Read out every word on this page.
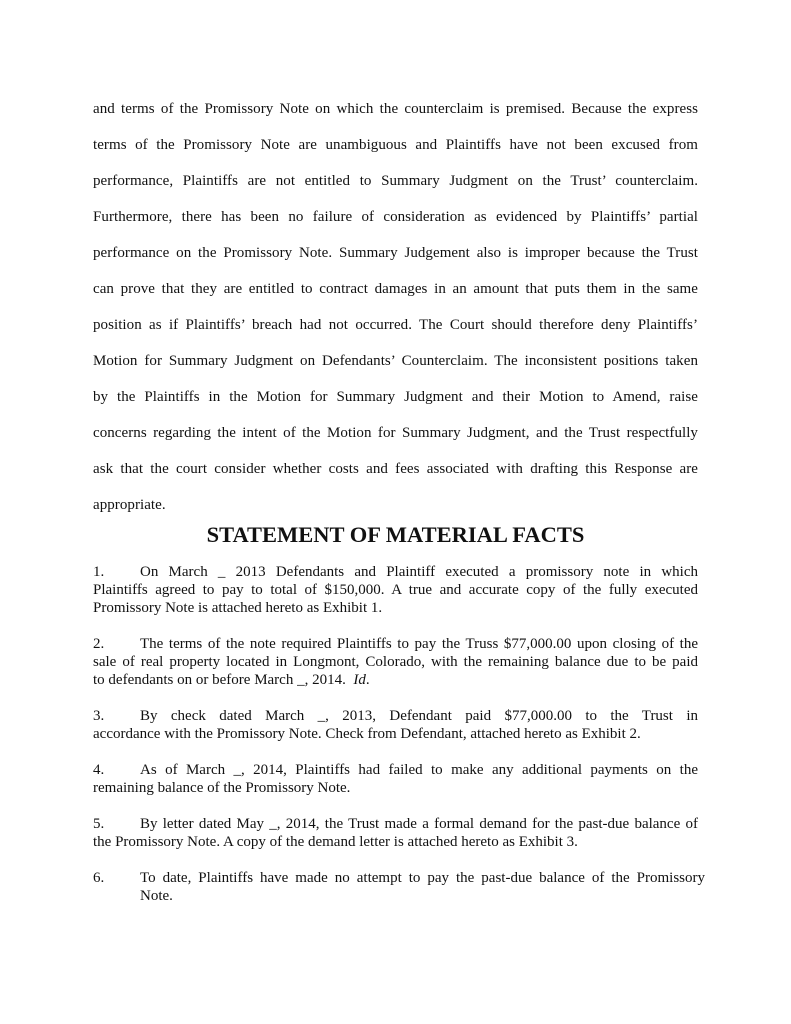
and terms of the Promissory Note on which the counterclaim is premised. Because the express
terms of the Promissory Note are unambiguous and Plaintiffs have not been excused from
performance, Plaintiffs are not entitled to Summary Judgment on the Trust’ counterclaim.
Furthermore, there has been no failure of consideration as evidenced by Plaintiffs’ partial
performance on the Promissory Note. Summary Judgement also is improper because the Trust
can prove that they are entitled to contract damages in an amount that puts them in the same
position as if Plaintiffs’ breach had not occurred. The Court should therefore deny Plaintiffs’
Motion for Summary Judgment on Defendants’ Counterclaim. The inconsistent positions taken
by the Plaintiffs in the Motion for Summary Judgment and their Motion to Amend, raise
concerns regarding the intent of the Motion for Summary Judgment, and the Trust respectfully
ask that the court consider whether costs and fees associated with drafting this Response are
appropriate.
STATEMENT OF MATERIAL FACTS
1. On March _ 2013 Defendants and Plaintiff executed a promissory note in which
Plaintiffs agreed to pay to total of $150,000. A true and accurate copy of the fully executed
Promissory Note is attached hereto as Exhibit 1.
2. The terms of the note required Plaintiffs to pay the Truss $77,000.00 upon closing of the
sale of real property located in Longmont, Colorado, with the remaining balance due to be paid
to defendants on or before March _, 2014. Id.
3. By check dated March _, 2013, Defendant paid $77,000.00 to the Trust in
accordance with the Promissory Note. Check from Defendant, attached hereto as Exhibit 2.
4. As of March _, 2014, Plaintiffs had failed to make any additional payments on the
remaining balance of the Promissory Note.
5. By letter dated May _, 2014, the Trust made a formal demand for the past-due balance of
the Promissory Note. A copy of the demand letter is attached hereto as Exhibit 3.
6. To date, Plaintiffs have made no attempt to pay the past-due balance of the Promissory
Note.
